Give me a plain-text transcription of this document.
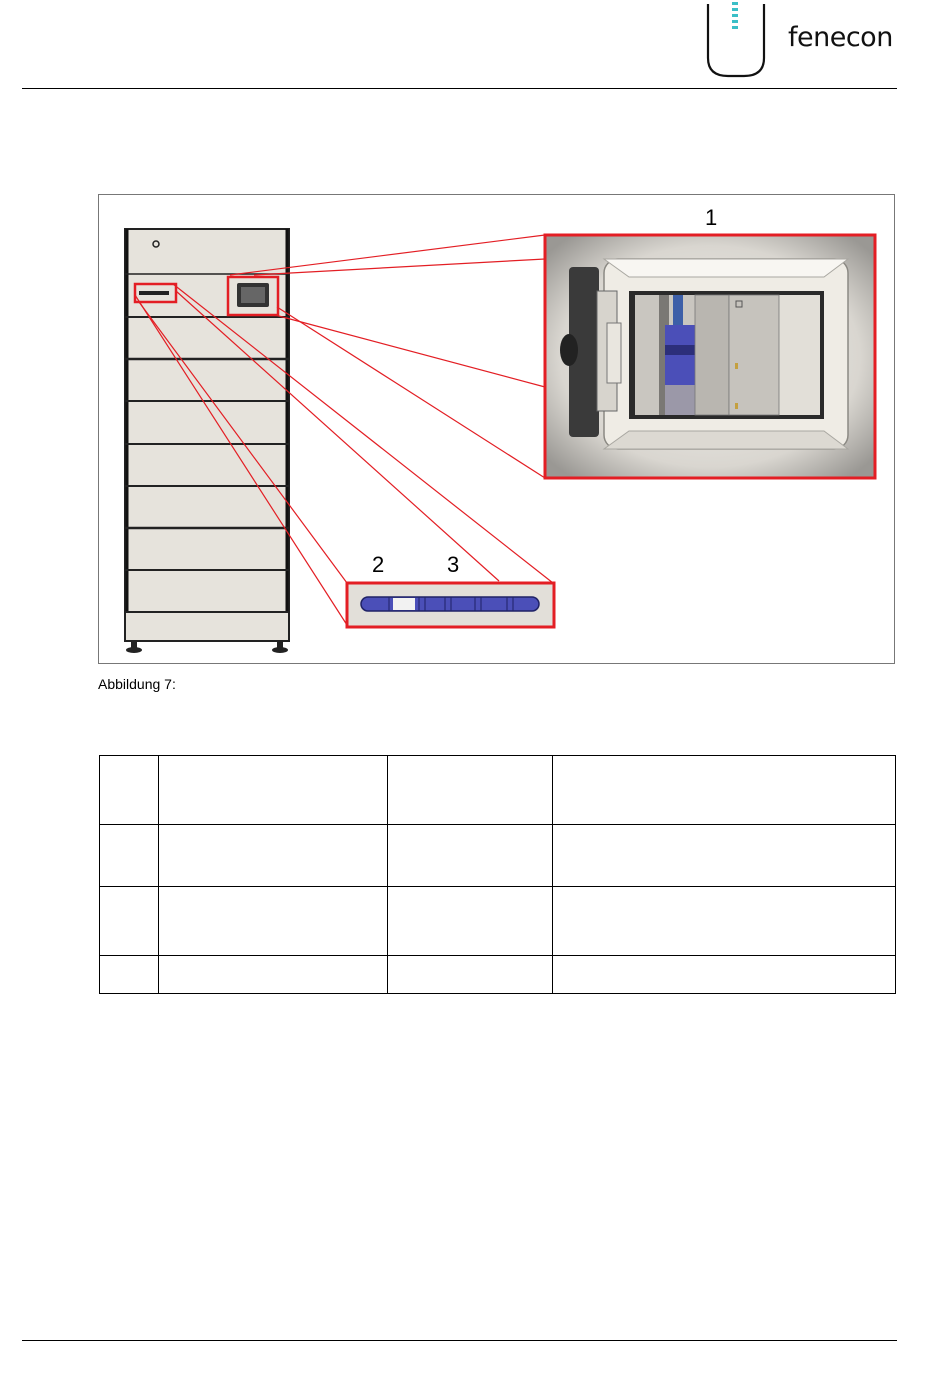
fenecon
1
2	3
Abbildung 7:
